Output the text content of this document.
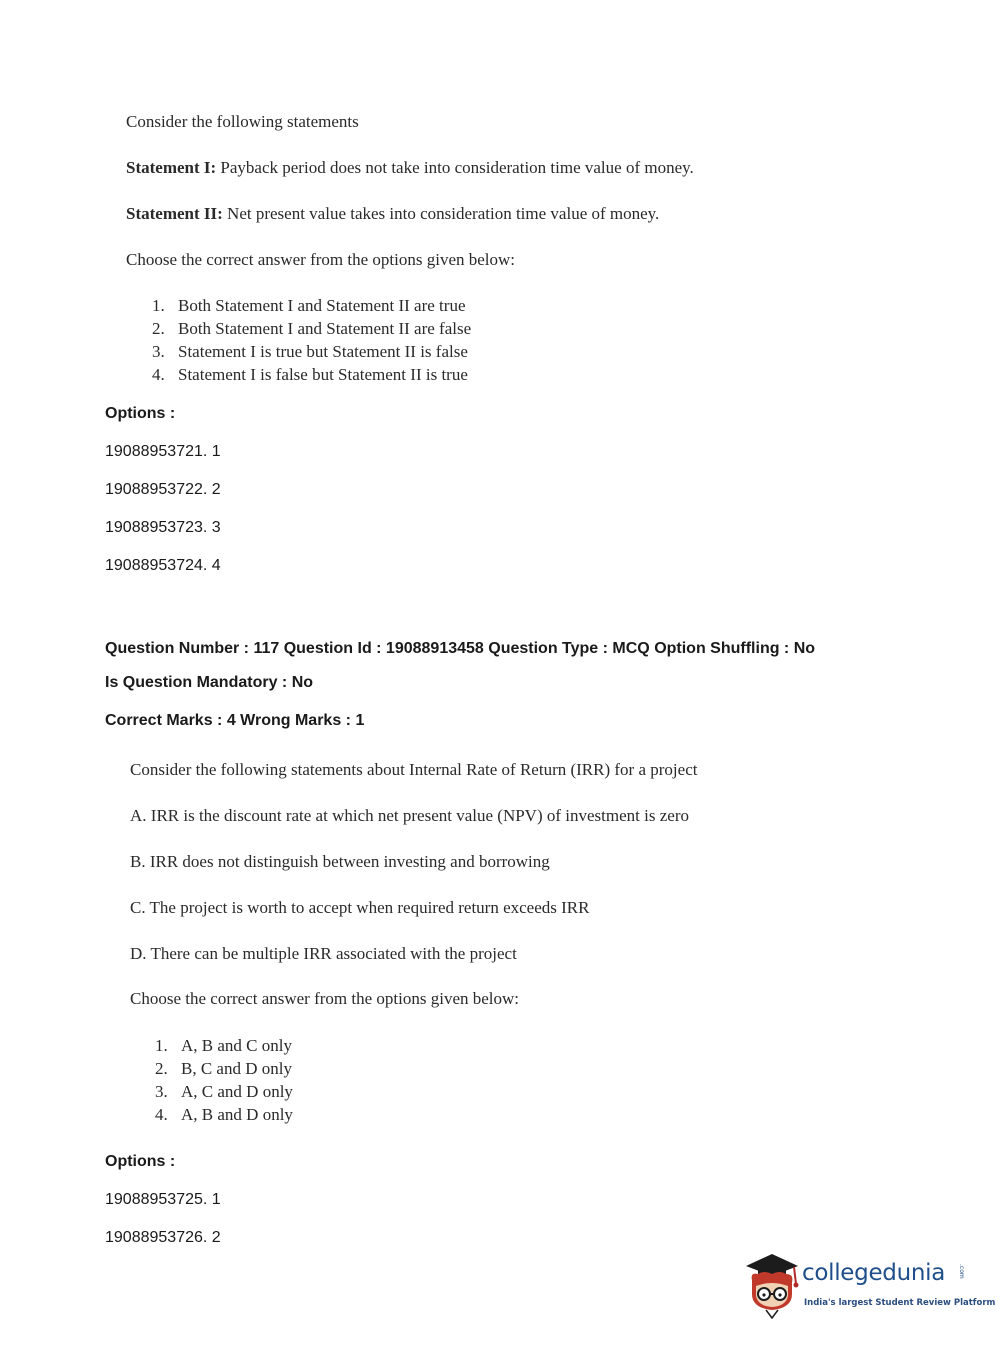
Consider the following statements
Statement I: Payback period does not take into consideration time value of money.
Statement II: Net present value takes into consideration time value of money.
Choose the correct answer from the options given below:
1. Both Statement I and Statement II are true
2. Both Statement I and Statement II are false
3. Statement I is true but Statement II is false
4. Statement I is false but Statement II is true
Options :
19088953721. 1
19088953722. 2
19088953723. 3
19088953724. 4
Question Number : 117 Question Id : 19088913458 Question Type : MCQ Option Shuffling : No
Is Question Mandatory : No
Correct Marks : 4 Wrong Marks : 1
Consider the following statements about Internal Rate of Return (IRR) for a project
A. IRR is the discount rate at which net present value (NPV) of investment is zero
B. IRR does not distinguish between investing and borrowing
C. The project is worth to accept when required return exceeds IRR
D. There can be multiple IRR associated with the project
Choose the correct answer from the options given below:
1. A, B and C only
2. B, C and D only
3. A, C and D only
4. A, B and D only
Options :
19088953725. 1
19088953726. 2
collegedunia .com
India's largest Student Review Platform
